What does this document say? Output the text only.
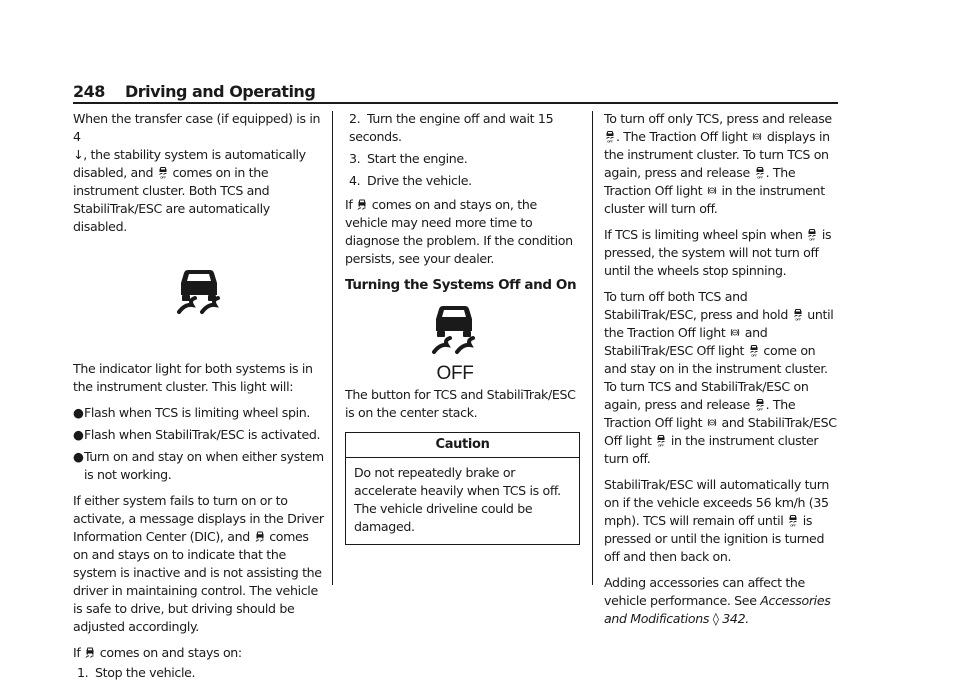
248 Driving and Operating

When the transfer case (if equipped) is in 4
↓, the stability system is automatically
disabled, and comes on in the instrument cluster. Both TCS and StabiliTrak/ESC are automatically disabled.

The indicator light for both systems is in the instrument cluster. This light will:

● Flash when TCS is limiting wheel spin.
● Flash when StabiliTrak/ESC is activated.
● Turn on and stay on when either system is not working.

If either system fails to turn on or to activate, a message displays in the Driver Information Center (DIC), and comes on and stays on to indicate that the system is inactive and is not assisting the driver in maintaining control. The vehicle is safe to drive, but driving should be adjusted accordingly.

If comes on and stays on:

1. Stop the vehicle.
2. Turn the engine off and wait 15 seconds.
3. Start the engine.
4. Drive the vehicle.

If comes on and stays on, the vehicle may need more time to diagnose the problem. If the condition persists, see your dealer.

Turning the Systems Off and On
OFF

The button for TCS and StabiliTrak/ESC is on the center stack.

Caution
Do not repeatedly brake or accelerate heavily when TCS is off. The vehicle driveline could be damaged.

To turn off only TCS, press and release
. The Traction Off light displays in the instrument cluster. To turn TCS on again, press and release . The Traction Off light in the instrument cluster will turn off.

If TCS is limiting wheel spin when is pressed, the system will not turn off until the wheels stop spinning.

To turn off both TCS and StabiliTrak/ESC, press and hold until the Traction Off light and StabiliTrak/ESC Off light come on and stay on in the instrument cluster. To turn TCS and StabiliTrak/ESC on again, press and release . The Traction Off light and StabiliTrak/ESC Off light in the instrument cluster turn off.

StabiliTrak/ESC will automatically turn on if the vehicle exceeds 56 km/h (35 mph). TCS will remain off until is pressed or until the ignition is turned off and then back on.

Adding accessories can affect the vehicle performance. See Accessories and Modifications ◊ 342.
